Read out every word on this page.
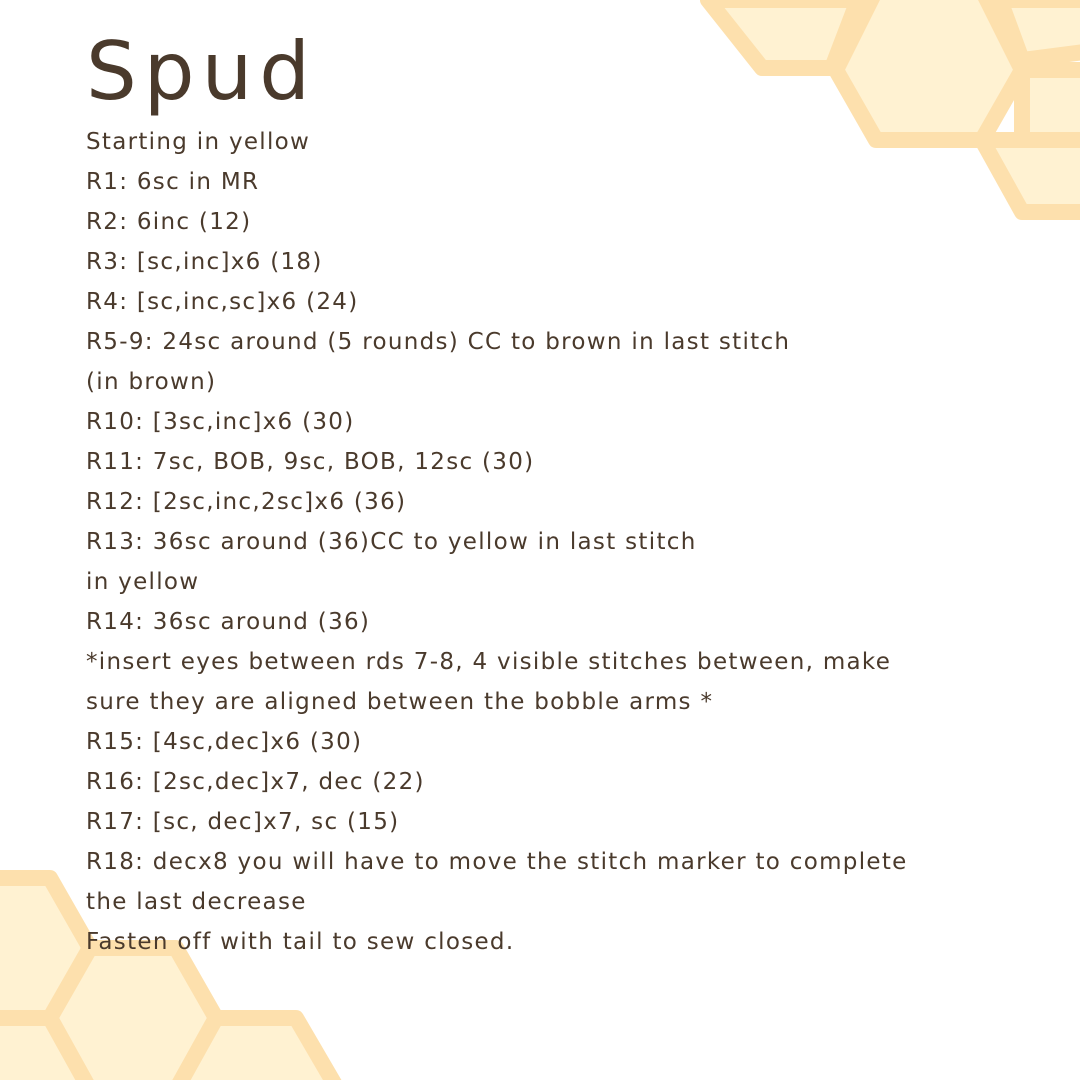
Spud
Starting in yellow
R1: 6sc in MR
R2: 6inc (12)
R3: [sc,inc]x6 (18)
R4: [sc,inc,sc]x6 (24)
R5-9: 24sc around (5 rounds) CC to brown in last stitch
(in brown)
R10: [3sc,inc]x6 (30)
R11: 7sc, BOB, 9sc, BOB, 12sc (30)
R12: [2sc,inc,2sc]x6 (36)
R13: 36sc around (36)CC to yellow in last stitch
in yellow
R14: 36sc around (36)
*insert eyes between rds 7-8, 4 visible stitches between, make
sure they are aligned between the bobble arms *
R15: [4sc,dec]x6 (30)
R16: [2sc,dec]x7, dec (22)
R17: [sc, dec]x7, sc (15)
R18: decx8 you will have to move the stitch marker to complete
the last decrease
Fasten off with tail to sew closed.
